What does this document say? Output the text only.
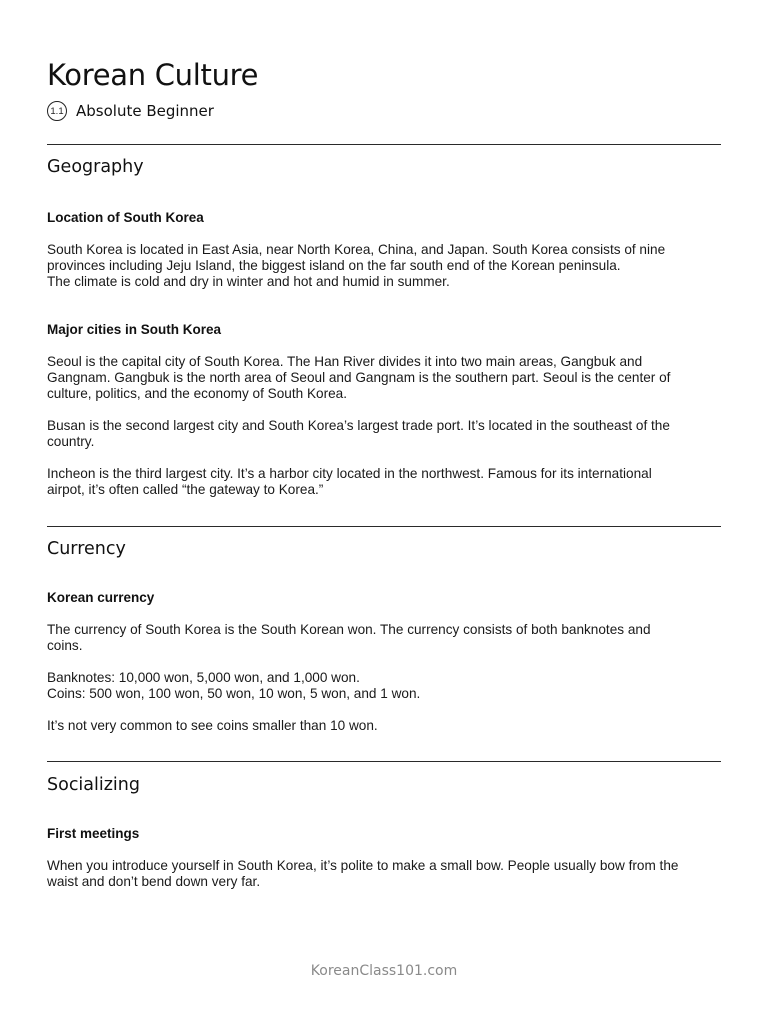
Korean Culture
1.1 Absolute Beginner
Geography
Location of South Korea

South Korea is located in East Asia, near North Korea, China, and Japan. South Korea consists of nine
provinces including Jeju Island, the biggest island on the far south end of the Korean peninsula.
The climate is cold and dry in winter and hot and humid in summer.

Major cities in South Korea

Seoul is the capital city of South Korea. The Han River divides it into two main areas, Gangbuk and
Gangnam. Gangbuk is the north area of Seoul and Gangnam is the southern part. Seoul is the center of
culture, politics, and the economy of South Korea.

Busan is the second largest city and South Korea’s largest trade port. It’s located in the southeast of the
country.

Incheon is the third largest city. It’s a harbor city located in the northwest. Famous for its international
airpot, it’s often called “the gateway to Korea.”

Currency
Korean currency

The currency of South Korea is the South Korean won. The currency consists of both banknotes and
coins.

Banknotes: 10,000 won, 5,000 won, and 1,000 won.
Coins: 500 won, 100 won, 50 won, 10 won, 5 won, and 1 won.

It’s not very common to see coins smaller than 10 won.

Socializing
First meetings

When you introduce yourself in South Korea, it’s polite to make a small bow. People usually bow from the
waist and don’t bend down very far.

KoreanClass101.com
